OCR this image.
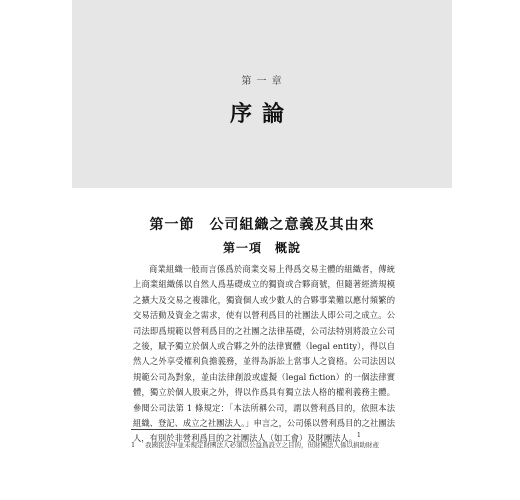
第 一 章
序論
第一節　公司組織之意義及其由來
第一項　概說

商業組織一般而言係爲於商業交易上得爲交易主體的組織者，傳統上商業組織係以自然人爲基礎成立的獨資或合夥商號，但隨著經濟規模之擴大及交易之複雜化，獨資個人或少數人的合夥事業難以應付頻繁的交易活動及資金之需求，使有以營利爲目的社團法人即公司之成立。公司法即爲規範以營利爲目的之社團之法律基礎，公司法特別將設立公司之後，賦予獨立於個人或合夥之外的法律實體（legal entity），得以自然人之外享受權利負擔義務，並得為訴訟上當事人之資格。公司法因以規範公司為對象，並由法律創設或虛擬（legal fiction）的一個法律實體，獨立於個人股東之外，得以作爲具有獨立法人格的權利義務主體。參閱公司法第 1 條規定：「本法所稱公司，謂以營利爲目的，依照本法組織、登記、成立之社團法人。」申言之，公司係以營利爲目的之社團法人，有別於非營利爲目的之社團法人（如工會）及財團法人。$^1$

1 我國民法中並未規定財團法人必須以公益爲設立之目的，但財團法人係以捐助財產
